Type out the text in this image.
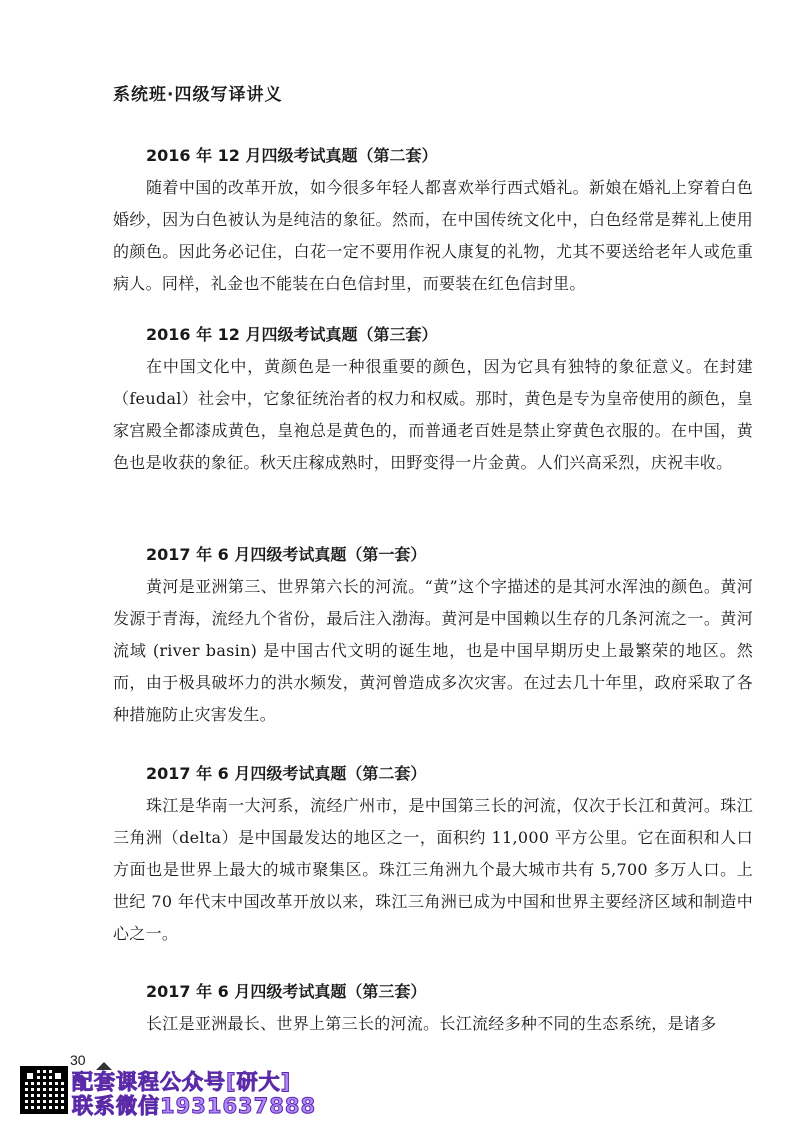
系统班·四级写译讲义
2016 年 12 月四级考试真题（第二套）

随着中国的改革开放，如今很多年轻人都喜欢举行西式婚礼。新娘在婚礼上穿着白色婚纱，因为白色被认为是纯洁的象征。然而，在中国传统文化中，白色经常是葬礼上使用的颜色。因此务必记住，白花一定不要用作祝人康复的礼物，尤其不要送给老年人或危重病人。同样，礼金也不能装在白色信封里，而要装在红色信封里。

2016 年 12 月四级考试真题（第三套）

在中国文化中，黄颜色是一种很重要的颜色，因为它具有独特的象征意义。在封建（feudal）社会中，它象征统治者的权力和权威。那时，黄色是专为皇帝使用的颜色，皇家宫殿全都漆成黄色，皇袍总是黄色的，而普通老百姓是禁止穿黄色衣服的。在中国，黄色也是收获的象征。秋天庄稼成熟时，田野变得一片金黄。人们兴高采烈，庆祝丰收。

2017 年 6 月四级考试真题（第一套）

黄河是亚洲第三、世界第六长的河流。“黄”这个字描述的是其河水浑浊的颜色。黄河发源于青海，流经九个省份，最后注入渤海。黄河是中国赖以生存的几条河流之一。黄河流域 (river basin) 是中国古代文明的诞生地，也是中国早期历史上最繁荣的地区。然而，由于极具破坏力的洪水频发，黄河曾造成多次灾害。在过去几十年里，政府采取了各种措施防止灾害发生。

2017 年 6 月四级考试真题（第二套）

珠江是华南一大河系，流经广州市，是中国第三长的河流，仅次于长江和黄河。珠江三角洲（delta）是中国最发达的地区之一，面积约 11,000 平方公里。它在面积和人口方面也是世界上最大的城市聚集区。珠江三角洲九个最大城市共有 5,700 多万人口。上世纪 70 年代末中国改革开放以来，珠江三角洲已成为中国和世界主要经济区域和制造中心之一。

2017 年 6 月四级考试真题（第三套）

长江是亚洲最长、世界上第三长的河流。长江流经多种不同的生态系统，是诸多

30
配套课程公众号[研大]
联系微信1931637888
